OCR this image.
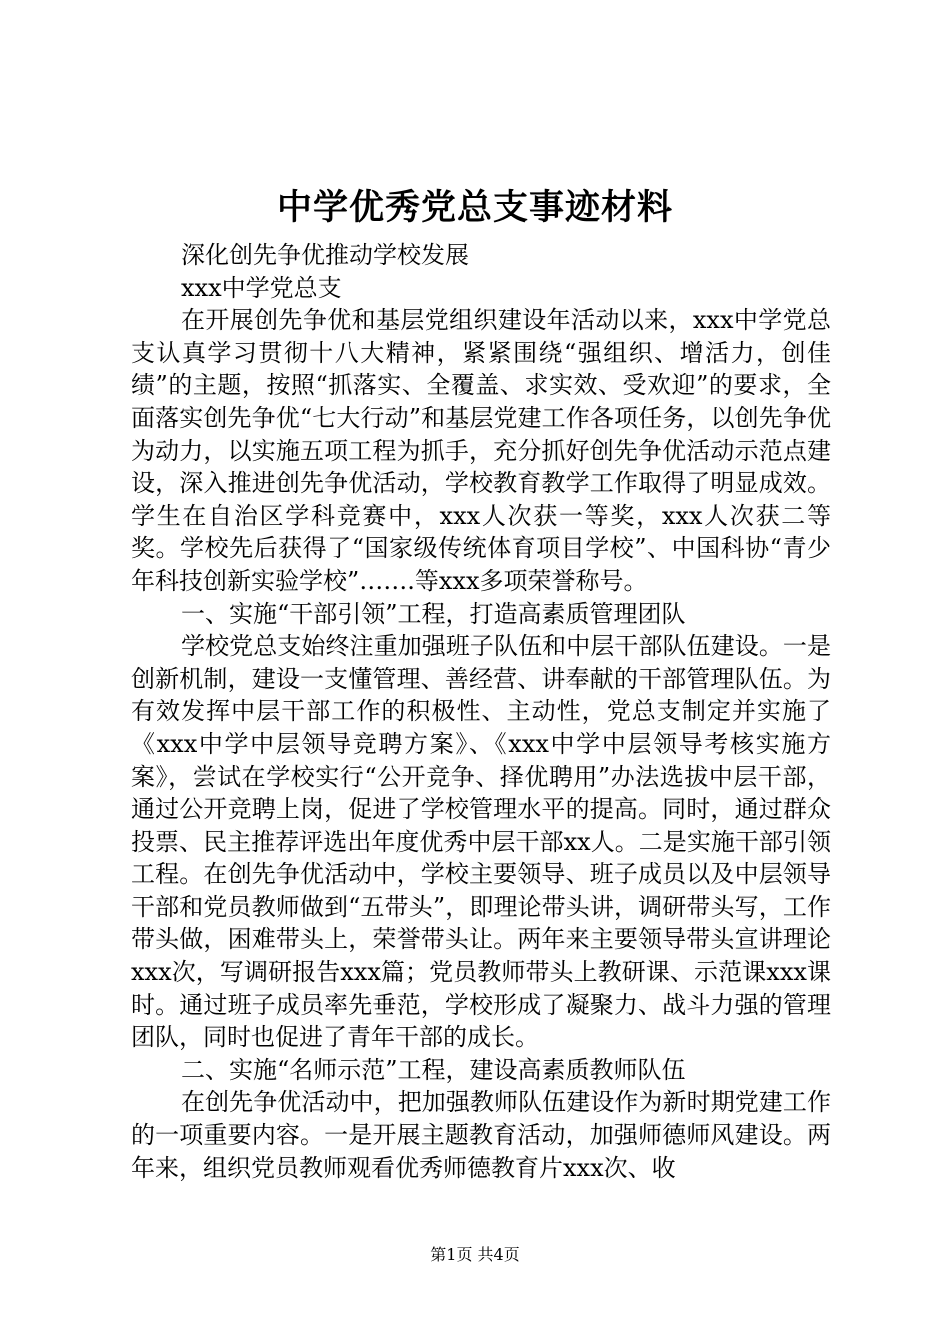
中学优秀党总支事迹材料

深化创先争优推动学校发展

xxx中学党总支

在开展创先争优和基层党组织建设年活动以来，xxx中学党总支认真学习贯彻十八大精神，紧紧围绕“强组织、增活力，创佳绩”的主题，按照“抓落实、全覆盖、求实效、受欢迎”的要求，全面落实创先争优“七大行动”和基层党建工作各项任务，以创先争优为动力，以实施五项工程为抓手，充分抓好创先争优活动示范点建设，深入推进创先争优活动，学校教育教学工作取得了明显成效。学生在自治区学科竞赛中，xxx人次获一等奖，xxx人次获二等奖。学校先后获得了“国家级传统体育项目学校”、中国科协“青少年科技创新实验学校”…….等xxx多项荣誉称号。

一、实施“干部引领”工程，打造高素质管理团队

学校党总支始终注重加强班子队伍和中层干部队伍建设。一是创新机制，建设一支懂管理、善经营、讲奉献的干部管理队伍。为有效发挥中层干部工作的积极性、主动性，党总支制定并实施了《xxx中学中层领导竞聘方案》、《xxx中学中层领导考核实施方案》，尝试在学校实行“公开竞争、择优聘用”办法选拔中层干部，通过公开竞聘上岗，促进了学校管理水平的提高。同时，通过群众投票、民主推荐评选出年度优秀中层干部xx人。二是实施干部引领工程。在创先争优活动中，学校主要领导、班子成员以及中层领导干部和党员教师做到“五带头”，即理论带头讲，调研带头写，工作带头做，困难带头上，荣誉带头让。两年来主要领导带头宣讲理论xxx次，写调研报告xxx篇；党员教师带头上教研课、示范课xxx课时。通过班子成员率先垂范，学校形成了凝聚力、战斗力强的管理团队，同时也促进了青年干部的成长。

二、实施“名师示范”工程，建设高素质教师队伍

在创先争优活动中，把加强教师队伍建设作为新时期党建工作的一项重要内容。一是开展主题教育活动，加强师德师风建设。两年来，组织党员教师观看优秀师德教育片xxx次、收

第1页 共4页
